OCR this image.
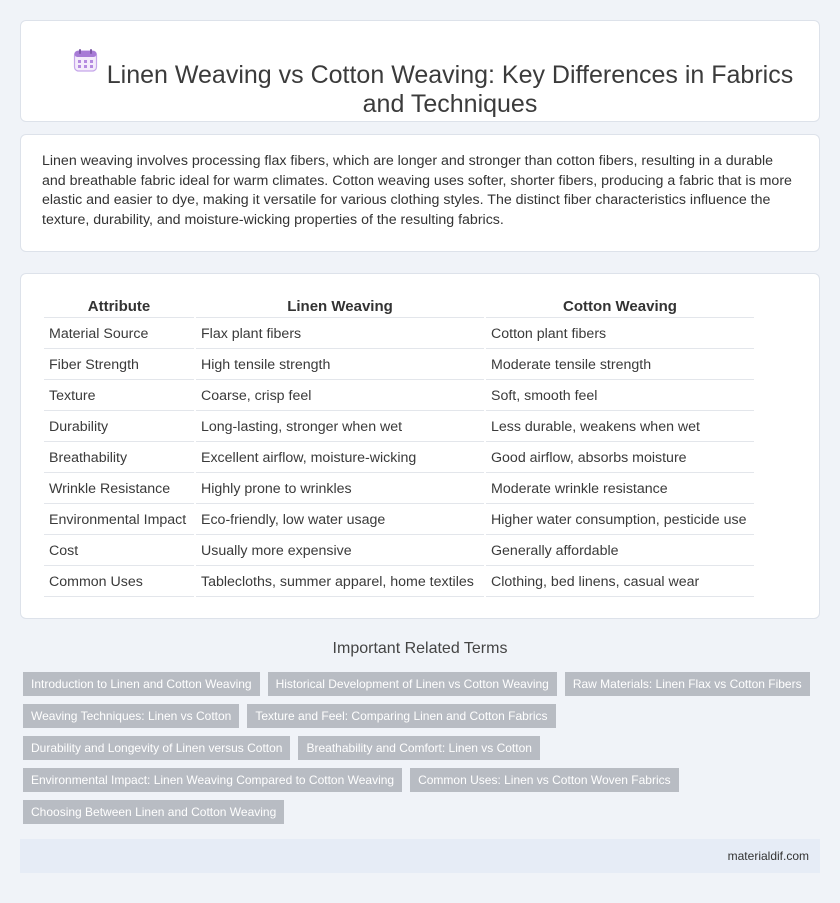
Linen Weaving vs Cotton Weaving: Key Differences in Fabrics and Techniques

Linen weaving involves processing flax fibers, which are longer and stronger than cotton fibers, resulting in a durable and breathable fabric ideal for warm climates. Cotton weaving uses softer, shorter fibers, producing a fabric that is more elastic and easier to dye, making it versatile for various clothing styles. The distinct fiber characteristics influence the texture, durability, and moisture-wicking properties of the resulting fabrics.

Attribute	Linen Weaving	Cotton Weaving
Material Source	Flax plant fibers	Cotton plant fibers
Fiber Strength	High tensile strength	Moderate tensile strength
Texture	Coarse, crisp feel	Soft, smooth feel
Durability	Long-lasting, stronger when wet	Less durable, weakens when wet
Breathability	Excellent airflow, moisture-wicking	Good airflow, absorbs moisture
Wrinkle Resistance	Highly prone to wrinkles	Moderate wrinkle resistance
Environmental Impact	Eco-friendly, low water usage	Higher water consumption, pesticide use
Cost	Usually more expensive	Generally affordable
Common Uses	Tablecloths, summer apparel, home textiles	Clothing, bed linens, casual wear
Important Related Terms
Introduction to Linen and Cotton Weaving	Historical Development of Linen vs Cotton Weaving	Raw Materials: Linen Flax vs Cotton Fibers
Weaving Techniques: Linen vs Cotton	Texture and Feel: Comparing Linen and Cotton Fabrics
Durability and Longevity of Linen versus Cotton	Breathability and Comfort: Linen vs Cotton
Environmental Impact: Linen Weaving Compared to Cotton Weaving	Common Uses: Linen vs Cotton Woven Fabrics
Choosing Between Linen and Cotton Weaving
materialdif.com
